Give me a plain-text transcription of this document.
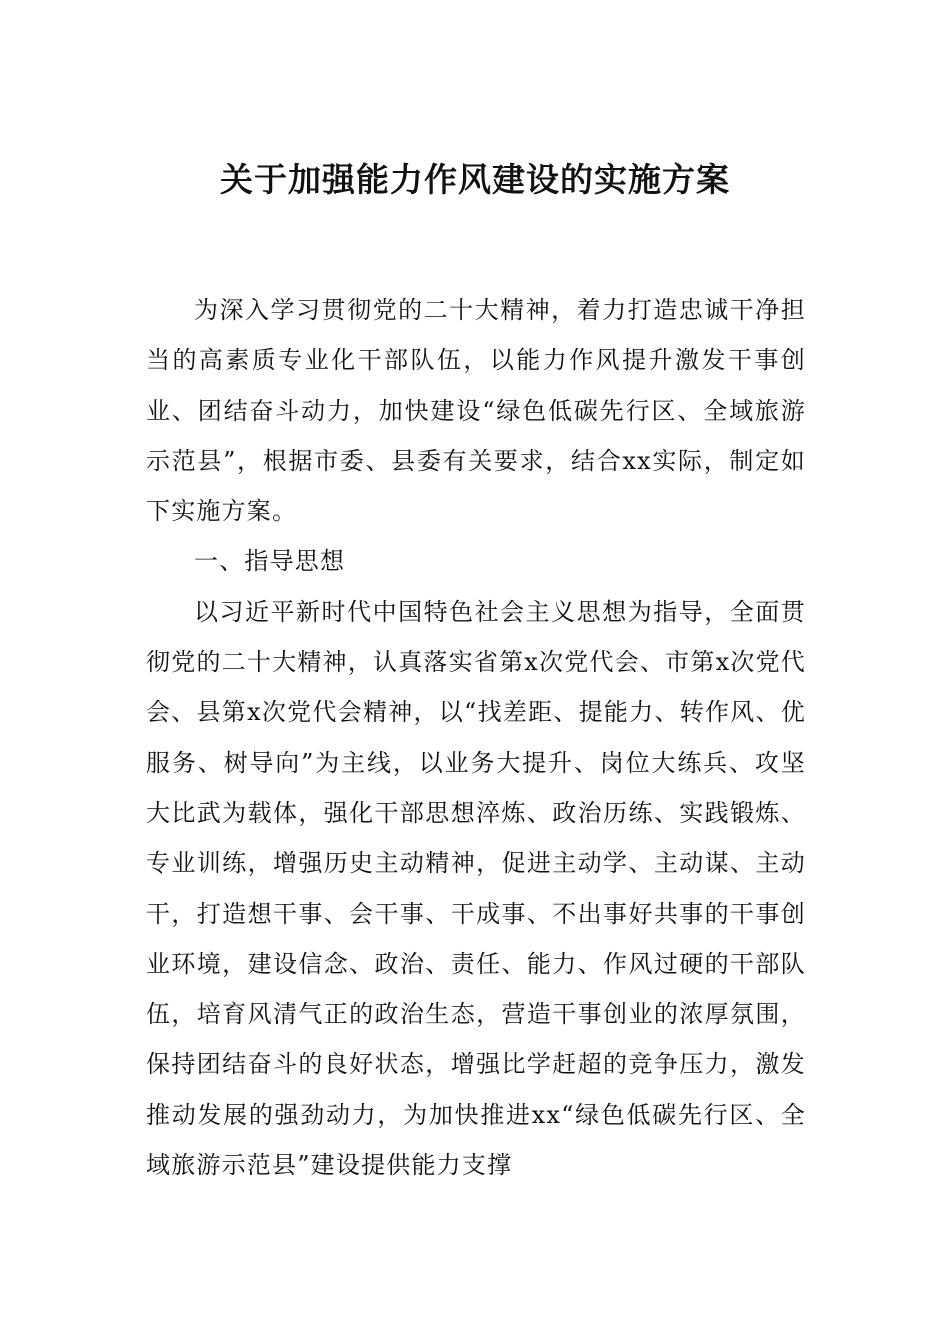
关于加强能力作风建设的实施方案

为深入学习贯彻党的二十大精神，着力打造忠诚干净担当的高素质专业化干部队伍，以能力作风提升激发干事创业、团结奋斗动力，加快建设“绿色低碳先行区、全域旅游示范县”，根据市委、县委有关要求，结合xx实际，制定如下实施方案。

一、指导思想

以习近平新时代中国特色社会主义思想为指导，全面贯彻党的二十大精神，认真落实省第x次党代会、市第x次党代会、县第x次党代会精神，以“找差距、提能力、转作风、优服务、树导向”为主线，以业务大提升、岗位大练兵、攻坚大比武为载体，强化干部思想淬炼、政治历练、实践锻炼、专业训练，增强历史主动精神，促进主动学、主动谋、主动干，打造想干事、会干事、干成事、不出事好共事的干事创业环境，建设信念、政治、责任、能力、作风过硬的干部队伍，培育风清气正的政治生态，营造干事创业的浓厚氛围，保持团结奋斗的良好状态，增强比学赶超的竞争压力，激发推动发展的强劲动力，为加快推进xx“绿色低碳先行区、全域旅游示范县”建设提供能力支撑
